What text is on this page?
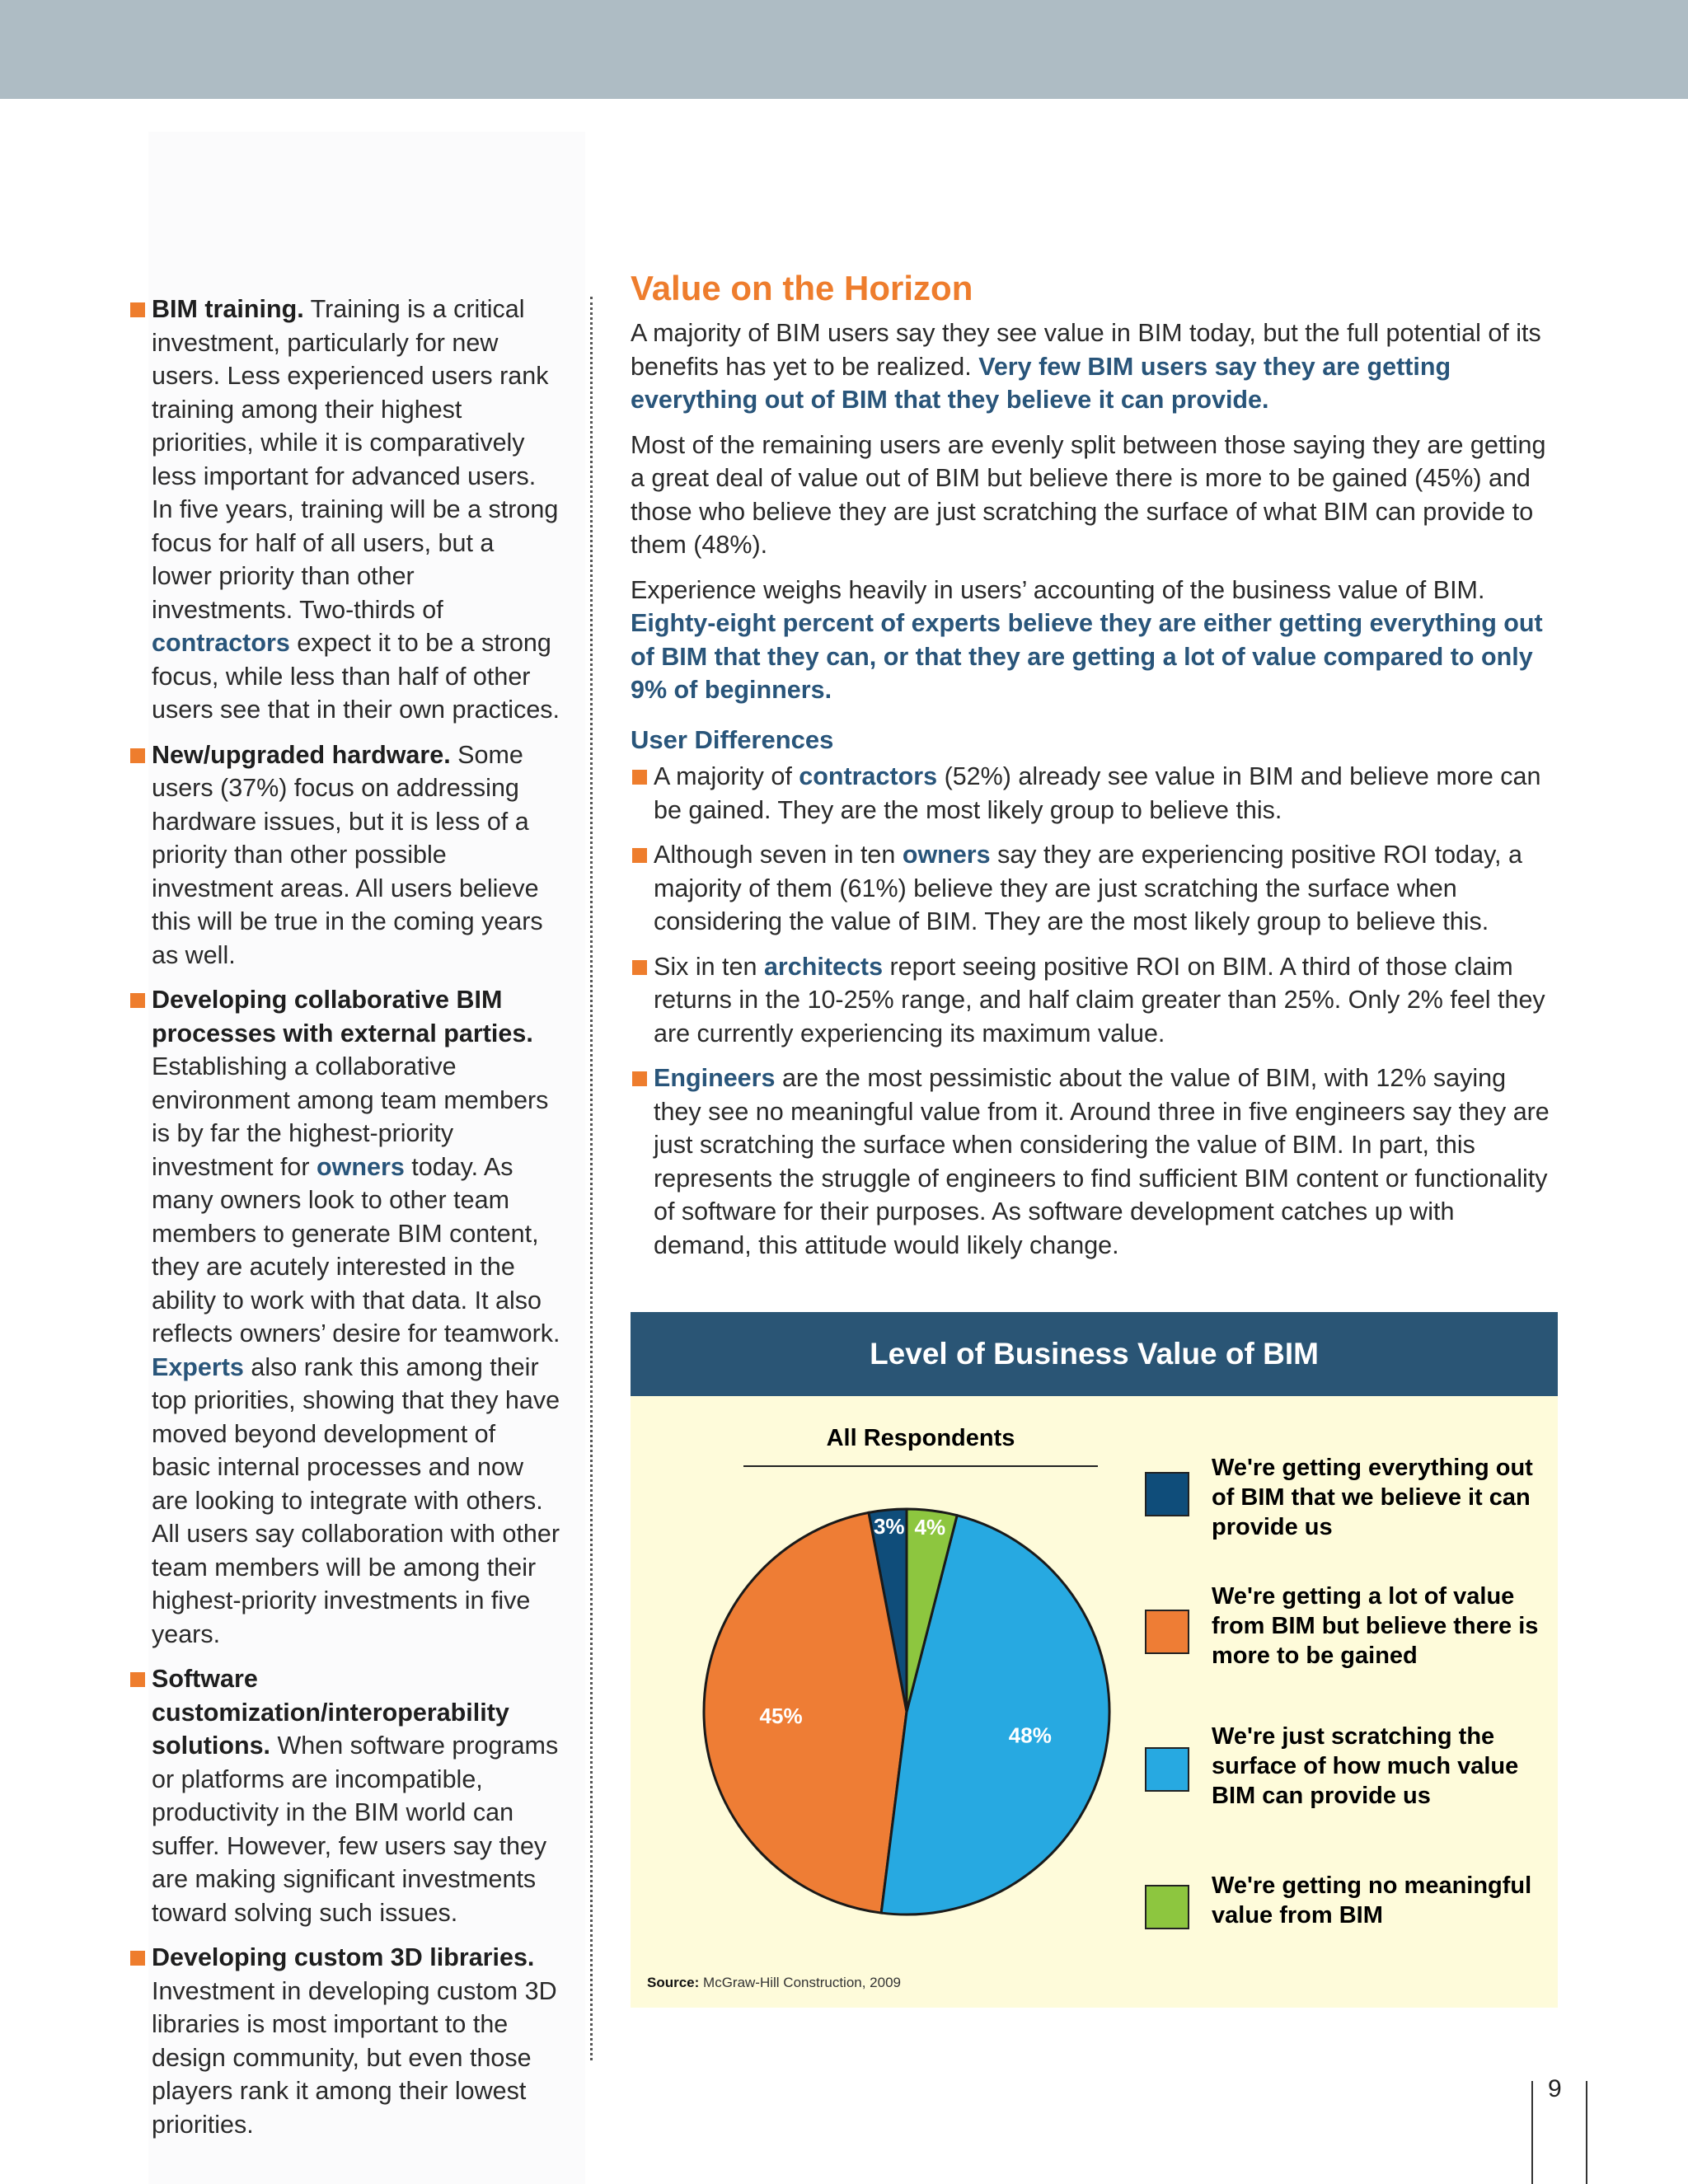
BIM training. Training is a critical investment, particularly for new users. Less experienced users rank training among their highest priorities, while it is comparatively less important for advanced users. In five years, training will be a strong focus for half of all users, but a lower priority than other investments. Two-thirds of contractors expect it to be a strong focus, while less than half of other users see that in their own practices.
New/upgraded hardware. Some users (37%) focus on addressing hardware issues, but it is less of a priority than other possible investment areas. All users believe this will be true in the coming years as well.
Developing collaborative BIM processes with external parties. Establishing a collaborative environment among team members is by far the highest-priority investment for owners today. As many owners look to other team members to generate BIM content, they are acutely interested in the ability to work with that data. It also reflects owners’ desire for teamwork. Experts also rank this among their top priorities, showing that they have moved beyond development of basic internal processes and now are looking to integrate with others. All users say collaboration with other team members will be among their highest-priority investments in five years.
Software customization/interoperability solutions. When software programs or platforms are incompatible, productivity in the BIM world can suffer. However, few users say they are making significant investments toward solving such issues.
Developing custom 3D libraries. Investment in developing custom 3D libraries is most important to the design community, but even those players rank it among their lowest priorities.
Value on the Horizon

A majority of BIM users say they see value in BIM today, but the full potential of its benefits has yet to be realized. Very few BIM users say they are getting everything out of BIM that they believe it can provide.

Most of the remaining users are evenly split between those saying they are getting a great deal of value out of BIM but believe there is more to be gained (45%) and those who believe they are just scratching the surface of what BIM can provide to them (48%).

Experience weighs heavily in users’ accounting of the business value of BIM. Eighty-eight percent of experts believe they are either getting everything out of BIM that they can, or that they are getting a lot of value compared to only 9% of beginners.

User Differences
A majority of contractors (52%) already see value in BIM and believe more can be gained. They are the most likely group to believe this.
Although seven in ten owners say they are experiencing positive ROI today, a majority of them (61%) believe they are just scratching the surface when considering the value of BIM. They are the most likely group to believe this.
Six in ten architects report seeing positive ROI on BIM. A third of those claim returns in the 10-25% range, and half claim greater than 25%. Only 2% feel they are currently experiencing its maximum value.
Engineers are the most pessimistic about the value of BIM, with 12% saying they see no meaningful value from it. Around three in five engineers say they are just scratching the surface when considering the value of BIM. In part, this represents the struggle of engineers to find sufficient BIM content or functionality of software for their purposes. As software development catches up with demand, this attitude would likely change.
Level of Business Value of BIM
All Respondents
3%
45%
48%
4%
We're getting everything out of BIM that we believe it can provide us
We're getting a lot of value from BIM but believe there is more to be gained
We're just scratching the surface of how much value BIM can provide us
We're getting no meaningful value from BIM
Source: McGraw-Hill Construction, 2009
9
